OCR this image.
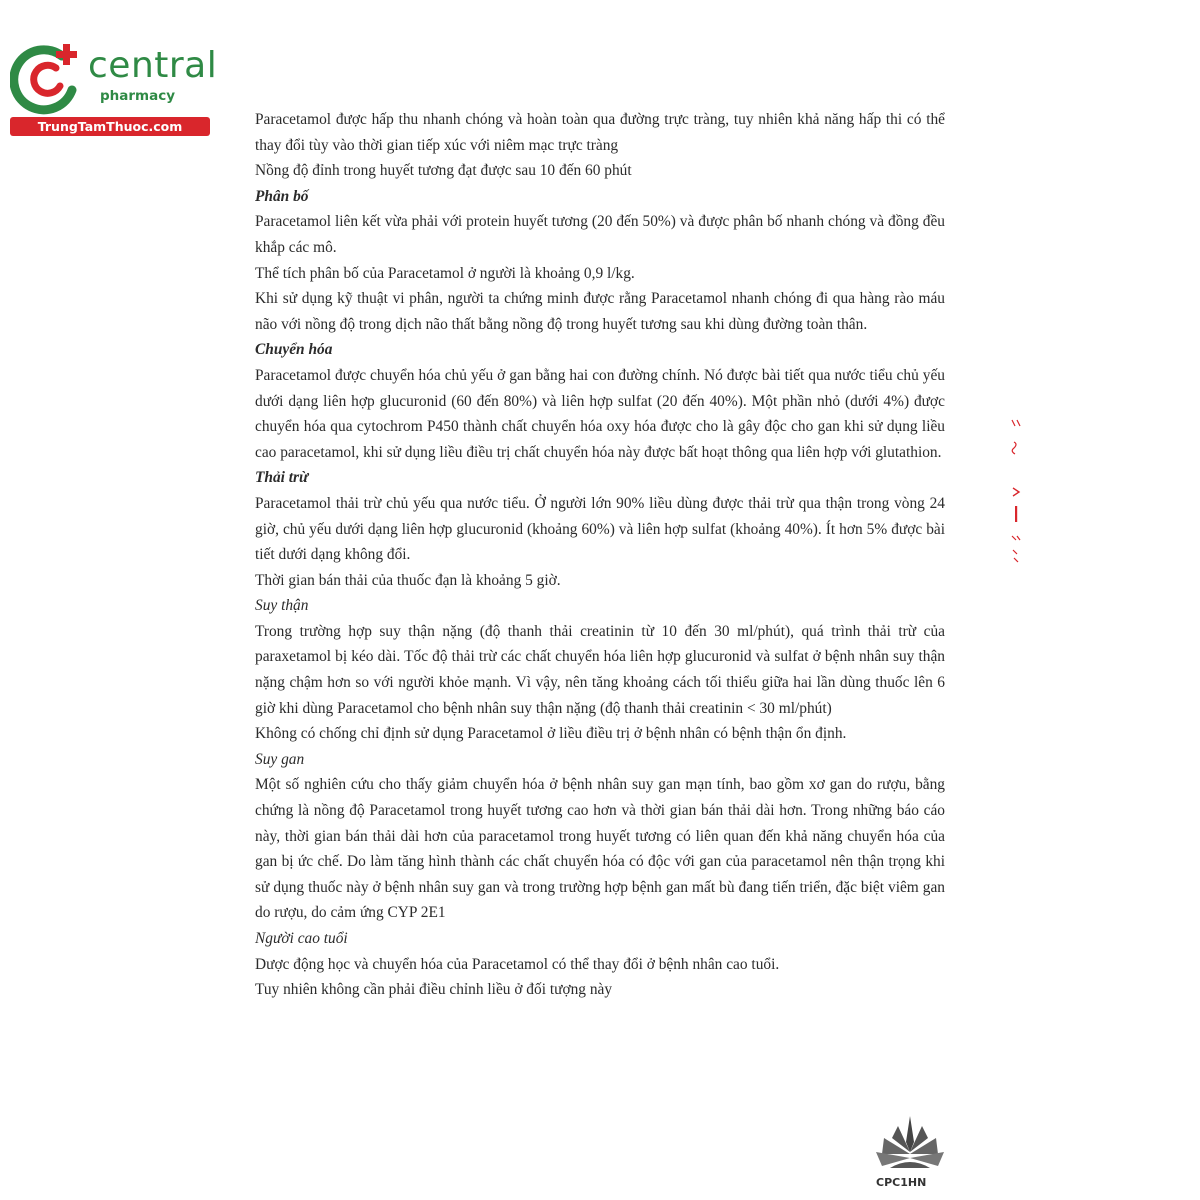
central
pharmacy
TrungTamThuoc.com	Paracetamol được hấp thu nhanh chóng và hoàn toàn qua đường trực tràng, tuy nhiên khả năng hấp thi có thể thay đổi tùy vào thời gian tiếp xúc với niêm mạc trực tràng

Nồng độ đỉnh trong huyết tương đạt được sau 10 đến 60 phút

Phân bố

Paracetamol liên kết vừa phải với protein huyết tương (20 đến 50%) và được phân bố nhanh chóng và đồng đều khắp các mô.

Thể tích phân bố của Paracetamol ở người là khoảng 0,9 l/kg.

Khi sử dụng kỹ thuật vi phân, người ta chứng minh được rằng Paracetamol nhanh chóng đi qua hàng rào máu não với nồng độ trong dịch não thất bằng nồng độ trong huyết tương sau khi dùng đường toàn thân.

Chuyển hóa

Paracetamol được chuyển hóa chủ yếu ở gan bằng hai con đường chính. Nó được bài tiết qua nước tiểu chủ yếu dưới dạng liên hợp glucuronid (60 đến 80%) và liên hợp sulfat (20 đến 40%). Một phần nhỏ (dưới 4%) được chuyển hóa qua cytochrom P450 thành chất chuyển hóa oxy hóa được cho là gây độc cho gan khi sử dụng liều cao paracetamol, khi sử dụng liều điều trị chất chuyển hóa này được bất hoạt thông qua liên hợp với glutathion.

Thải trừ

Paracetamol thải trừ chủ yếu qua nước tiểu. Ở người lớn 90% liều dùng được thải trừ qua thận trong vòng 24 giờ, chủ yếu dưới dạng liên hợp glucuronid (khoảng 60%) và liên hợp sulfat (khoảng 40%). Ít hơn 5% được bài tiết dưới dạng không đổi.

Thời gian bán thải của thuốc đạn là khoảng 5 giờ.

Suy thận

Trong trường hợp suy thận nặng (độ thanh thải creatinin từ 10 đến 30 ml/phút), quá trình thải trừ của paraxetamol bị kéo dài. Tốc độ thải trừ các chất chuyển hóa liên hợp glucuronid và sulfat ở bệnh nhân suy thận nặng chậm hơn so với người khỏe mạnh. Vì vậy, nên tăng khoảng cách tối thiểu giữa hai lần dùng thuốc lên 6 giờ khi dùng Paracetamol cho bệnh nhân suy thận nặng (độ thanh thải creatinin < 30 ml/phút)

Không có chống chỉ định sử dụng Paracetamol ở liều điều trị ở bệnh nhân có bệnh thận ổn định.

Suy gan

Một số nghiên cứu cho thấy giảm chuyển hóa ở bệnh nhân suy gan mạn tính, bao gồm xơ gan do rượu, bằng chứng là nồng độ Paracetamol trong huyết tương cao hơn và thời gian bán thải dài hơn. Trong những báo cáo này, thời gian bán thải dài hơn của paracetamol trong huyết tương có liên quan đến khả năng chuyển hóa của gan bị ức chế. Do làm tăng hình thành các chất chuyển hóa có độc với gan của paracetamol nên thận trọng khi sử dụng thuốc này ở bệnh nhân suy gan và trong trường hợp bệnh gan mất bù đang tiến triển, đặc biệt viêm gan do rượu, do cảm ứng CYP 2E1

Người cao tuổi

Dược động học và chuyển hóa của Paracetamol có thể thay đổi ở bệnh nhân cao tuổi.

Tuy nhiên không cần phải điều chỉnh liều ở đối tượng này

CPC1HN
